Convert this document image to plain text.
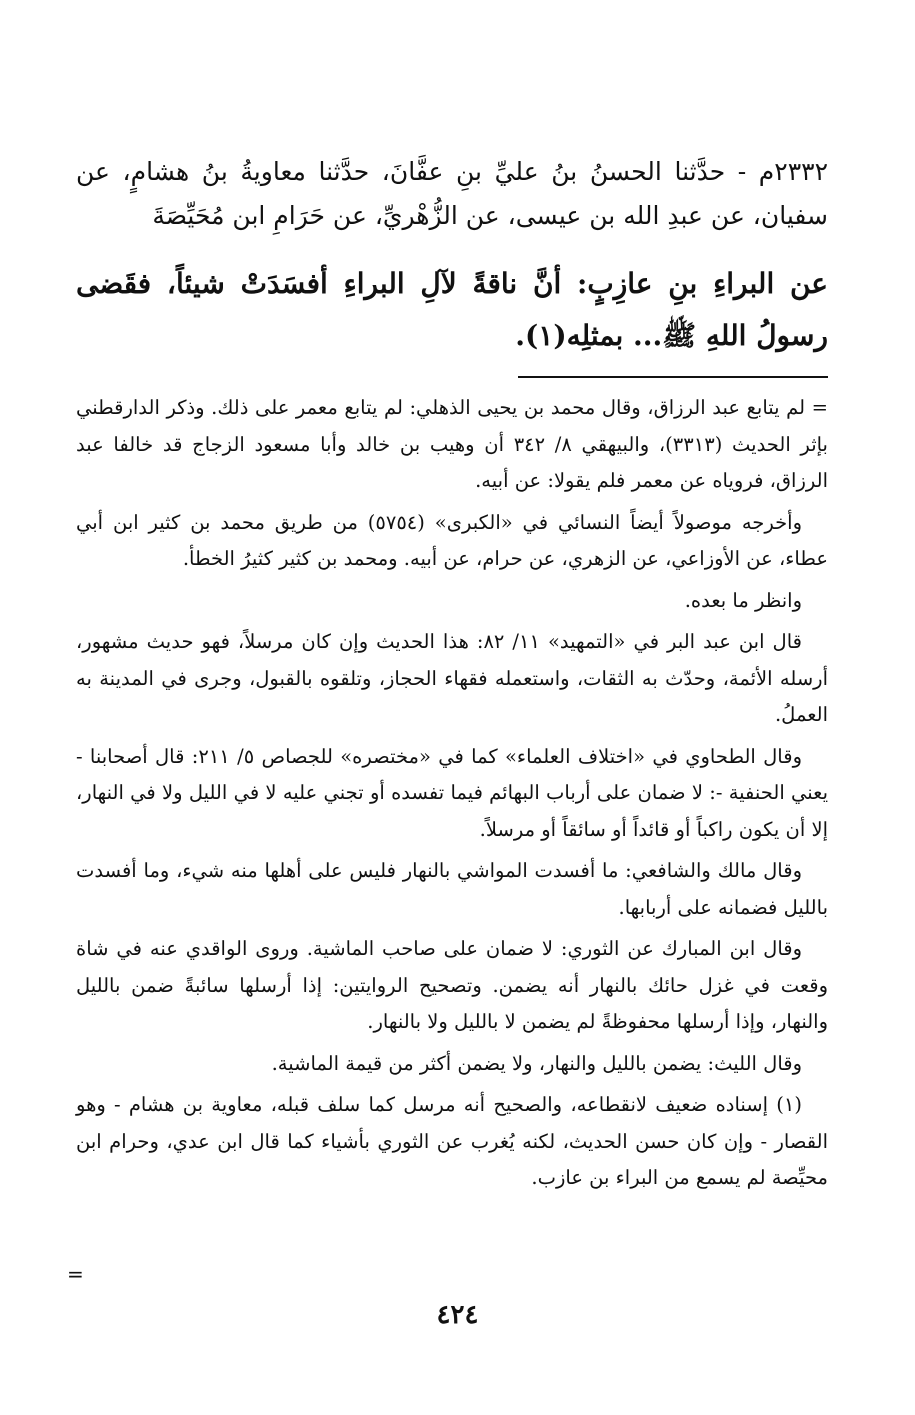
٢٣٣٢م - حدَّثنا الحسنُ بنُ عليِّ بنِ عفَّانَ، حدَّثنا معاويةُ بنُ هشامٍ، عن سفيان، عن عبدِ الله بن عيسى، عن الزُّهْريِّ، عن حَرَامِ ابن مُحَيِّصَةَ

عن البراءِ بنِ عازِبٍ: أنَّ ناقةً لآلِ البراءِ أفسَدَتْ شيئاً، فقَضى رسولُ اللهِ ﷺ... بمثلِه(١).

= لم يتابع عبد الرزاق، وقال محمد بن يحيى الذهلي: لم يتابع معمر على ذلك. وذكر الدارقطني بإثر الحديث (٣٣١٣)، والبيهقي ٨/ ٣٤٢ أن وهيب بن خالد وأبا مسعود الزجاج قد خالفا عبد الرزاق، فروياه عن معمر فلم يقولا: عن أبيه.

وأخرجه موصولاً أيضاً النسائي في «الكبرى» (٥٧٥٤) من طريق محمد بن كثير ابن أبي عطاء، عن الأوزاعي، عن الزهري، عن حرام، عن أبيه. ومحمد بن كثير كثيرُ الخطأ.

وانظر ما بعده.

قال ابن عبد البر في «التمهيد» ١١/ ٨٢: هذا الحديث وإن كان مرسلاً، فهو حديث مشهور، أرسله الأئمة، وحدّث به الثقات، واستعمله فقهاء الحجاز، وتلقوه بالقبول، وجرى في المدينة به العملُ.

وقال الطحاوي في «اختلاف العلماء» كما في «مختصره» للجصاص ٥/ ٢١١: قال أصحابنا - يعني الحنفية -: لا ضمان على أرباب البهائم فيما تفسده أو تجني عليه لا في الليل ولا في النهار، إلا أن يكون راكباً أو قائداً أو سائقاً أو مرسلاً.

وقال مالك والشافعي: ما أفسدت المواشي بالنهار فليس على أهلها منه شيء، وما أفسدت بالليل فضمانه على أربابها.

وقال ابن المبارك عن الثوري: لا ضمان على صاحب الماشية. وروى الواقدي عنه في شاة وقعت في غزل حائك بالنهار أنه يضمن. وتصحيح الروايتين: إذا أرسلها سائبةً ضمن بالليل والنهار، وإذا أرسلها محفوظةً لم يضمن لا بالليل ولا بالنهار.

وقال الليث: يضمن بالليل والنهار، ولا يضمن أكثر من قيمة الماشية.

(١) إسناده ضعيف لانقطاعه، والصحيح أنه مرسل كما سلف قبله، معاوية بن هشام - وهو القصار - وإن كان حسن الحديث، لكنه يُغرب عن الثوري بأشياء كما قال ابن عدي، وحرام ابن محيِّصة لم يسمع من البراء بن عازب.

=
٤٢٤
